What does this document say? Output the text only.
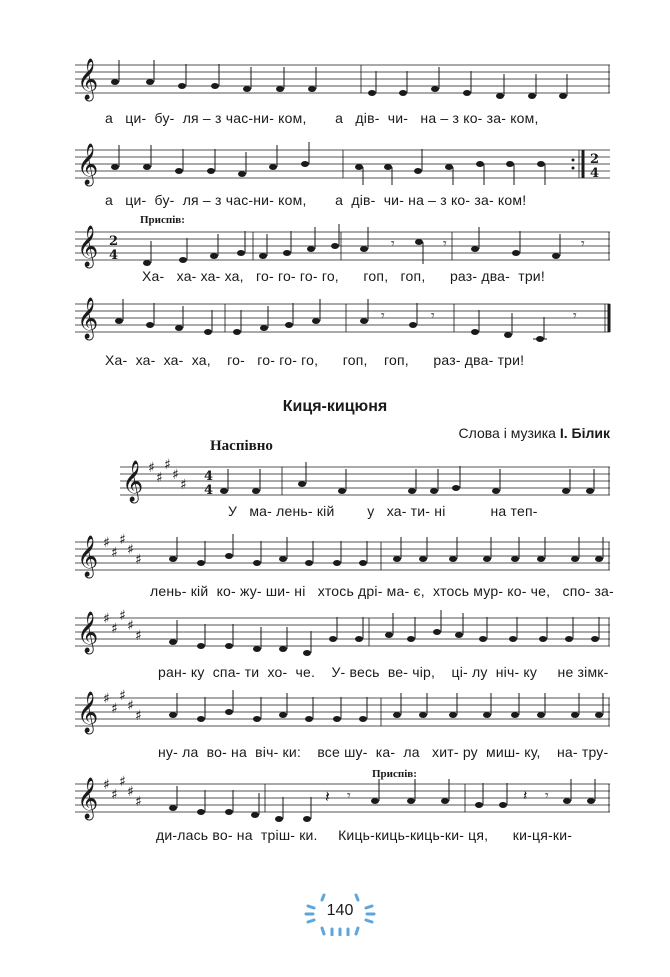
𝄞
а   ци-  бу-  ля – з час-ни- ком,       а   дів-  чи-   на – з ко- за- ком,
𝄞	2
4
а   ци-  бу-  ля – з час-ни- ком,       а  дів-  чи- на – з ко- за- ком!
Приспів:
𝄞 2
4
𝄾	𝄾	𝄾
Ха-   ха- ха- ха,   го- го- го- го,      гоп,   гоп,      раз- два-  три!
𝄞	𝄾	𝄾	𝄾
Ха-  ха-  ха-  ха,    го-   го- го- го,      гоп,    гоп,      раз- два- три!
Киця-кицюня
Слова і музика І. Білик
Наспівно
𝄞 ♯
♯
♯
♯
♯
4
4
У   ма- лень- кій        у   ха- ти- ні           на теп-
𝄞 ♯
♯
♯
♯
♯
лень- кій  ко- жу- ши- ні   хтось дрі- ма- є,  хтось мур- ко- че,   спо- за-
𝄞 ♯
♯
♯
♯
♯
ран- ку  спа- ти  хо-  че.    У- весь  ве- чір,    ці- лу  ніч- ку     не зімк-
𝄞 ♯
♯
♯
♯
♯
ну- ла  во- на  віч- ки:    все шу-  ка-  ла   хит- ру  миш- ку,    на- тру-
Приспів:
𝄞 ♯
♯
♯
♯
♯	𝄽 𝄾	𝄽 𝄾
ди-лась во- на  тріш- ки.     Киць-киць-киць-ки- ця,      ки-ця-ки-
140
